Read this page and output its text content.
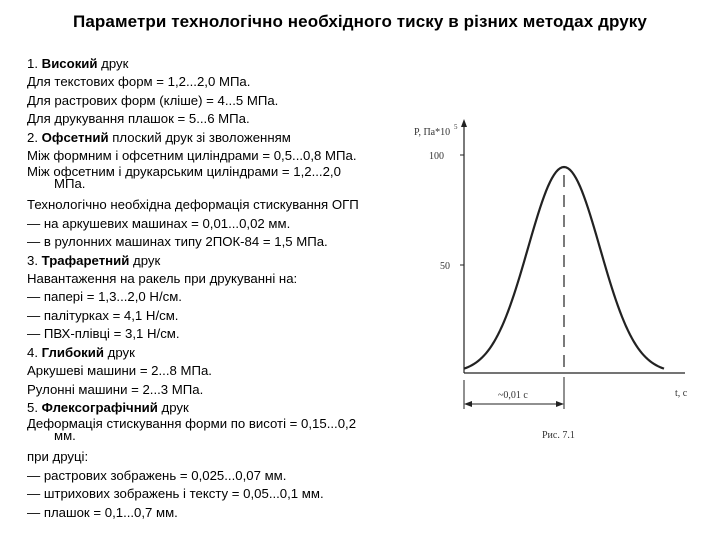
Параметри технологічно необхідного тиску в різних методах друку
1. Високий друк
Для текстових форм = 1,2...2,0 МПа.
Для растрових форм (кліше) = 4...5 МПа.
Для друкування плашок = 5...6 МПа.
2. Офсетний плоский друк зі зволоженням
Між формним і офсетним циліндрами = 0,5...0,8 МПа.
Між офсетним і друкарським циліндрами = 1,2...2,0
МПа.
Технологічно необхідна деформація стискування ОГП
— на аркушевих машинах = 0,01...0,02 мм.
— в рулонних машинах типу 2ПОК-84 = 1,5 МПа.
3. Трафаретний друк
Навантаження на ракель при друкуванні на:
— папері = 1,3...2,0 Н/см.
— палітурках = 4,1 Н/см.
— ПВХ-плівці = 3,1 Н/см.
4. Глибокий друк
Аркушеві машини = 2...8 МПа.
Рулонні машини = 2...3 МПа.
5. Флексографічний друк
Деформація стискування форми по висоті = 0,15...0,2
мм.
при друці:
— растрових зображень = 0,025...0,07 мм.
— штрихових зображень і тексту = 0,05...0,1 мм.
— плашок = 0,1...0,7 мм.
100
50
P, Па*10 5
t, с
~0,01 с
Рис. 7.1
